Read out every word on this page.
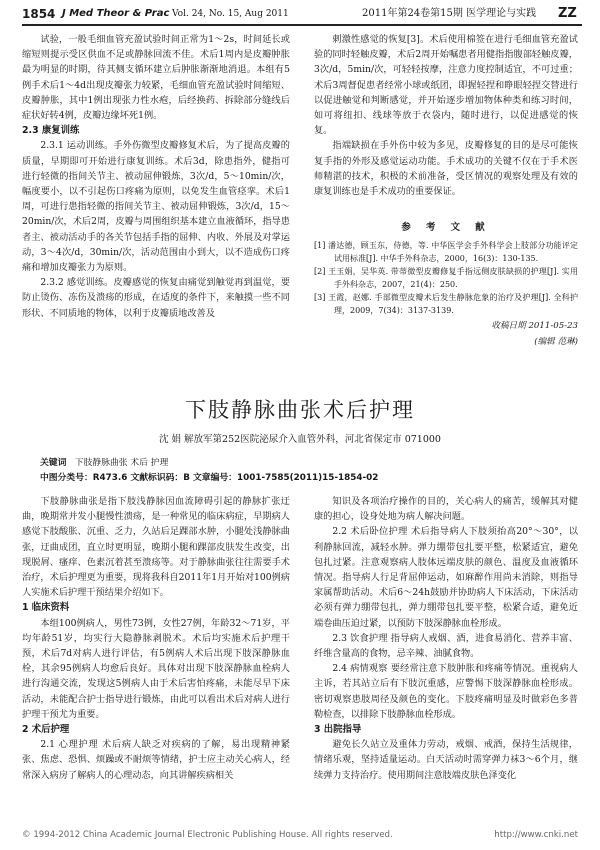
1854 J Med Theor & Prac Vol. 24, No. 15, Aug 2011	2011年第24卷第15期 医学理论与实践 ZZ

试验，一般毛细血管充盈试验时间正常为1～2s，时间延长或缩短则提示受区供血不足或静脉回流不佳。术后1周内是皮瓣肿胀最为明显的时期，待其侧支循环建立后肿胀渐渐地消退。本组有5例手术后1～4d出现皮瓣张力较紧，毛细血管充盈试验时间缩短、皮瓣肿胀，其中1例出现张力性水疱，后经换药、拆除部分缝线后症状好转4例，皮瓣边缘坏死1例。

2.3 康复训练

2.3.1 运动训练。手外伤微型皮瓣修复术后，为了提高皮瓣的质量，早期即可开始进行康复训练。术后3d，除患指外，健指可进行轻微的指间关节主、被动屈伸锻炼，3次/d，5～10min/次，幅度要小，以不引起伤口疼痛为原则，以免发生血管痉挛。术后1周，可进行患指轻微的指间关节主、被动屈伸锻炼，3次/d，15～20min/次，术后2周，皮瓣与周围组织基本建立血液循环，指导患者主、被动活动手的各关节包括手指的屈伸、内收、外展及对掌运动，3～4次/d，30min/次，活动范围由小到大，以不造成伤口疼痛和增加皮瓣张力为原则。

2.3.2 感觉训练。皮瓣感觉的恢复由痛觉到触觉再到温觉，要防止烫伤、冻伤及溃疡的形成，在适度的条件下，来触摸一些不同形状、不同质地的物体，以利于皮瓣质地改善及

剌激性感觉的恢复[3]。术后使用棉签在进行毛细血管充盈试验的同时轻触皮瓣，术后2周开始嘱患者用健指指腹部轻触皮瓣，3次/d，5min/次，可轻轻按摩，注意力度控制适宜，不可过重；术后3周督促患者经常小球或纸团，即握轻捏和睁眼轻捏交替进行以促进触觉和判断感觉，并开始逐步增加物体种类和练习时间，如可将纽扣、线球等放于衣袋内，随时进行，以促进感觉的恢复。

指端缺损在手外伤中较为多见，皮瓣修复的目的是尽可能恢复手指的外形及感觉运动功能。手术成功的关键不仅在于手术医师精湛的技术，积极的术前准备，受区情况的观察处理及有效的康复训练也是手术成功的重要保证。

参 考 文 献
[1] 潘达德，顾玉东，侍德，等. 中华医学会手外科学会上肢部分功能评定试用标准[J]. 中华手外科杂志，2000，16(3)：130-135.
[2] 王玉娟，吴华英. 带蒂微型皮瓣修复手指远侧皮肤缺损的护理[J]. 实用手外科杂志，2007，21(4)：250.
[3] 王霞，赵娜. 手部微型皮瓣术后发生静脉危象的治疗及护理[J]. 全科护理，2009，7(34)：3137-3139.
收稿日期 2011-05-23
(编辑 范琳)
下肢静脉曲张术后护理
沈 娟 解放军第252医院泌尿介入血管外科，河北省保定市 071000
关键词 下肢静脉曲张 术后 护理
中图分类号：R473.6 文献标识码：B 文章编号：1001-7585(2011)15-1854-02

下肢静脉曲张是指下肢浅静脉因血流障碍引起的静脉扩张迂曲，晚期常并发小腿慢性溃疡，是一种常见的临床病症，早期病人感觉下肢酸胀、沉重、乏力，久站后足踝部水肿，小腿处浅静脉曲张，迂曲成团，直立时更明显，晚期小腿和踝部皮肤发生改变，出现脱屑、瘙痒、色素沉着甚至溃疡等。对于静脉曲张往往需要手术治疗，术后护理更为重要，现将我科自2011年1月开始对100例病人实施术后护理干预结果介绍如下。

1 临床资料

本组100例病人，男性73例，女性27例，年龄32～71岁，平均年龄51岁，均实行大隐静脉剥脱术。术后均实施术后护理干预，术后7d对病人进行评估，有5例病人术后出现下肢深静脉血栓，其余95例病人均愈后良好。具体对出现下肢深静脉血栓病人进行沟通交流，发现这5例病人由于术后害怕疼痛，未能尽早下床活动，未能配合护士指导进行锻炼，由此可以看出术后对病人进行护理干预尤为重要。

2 术后护理

2.1 心理护理 术后病人缺乏对疾病的了解，易出现精神紧张、焦虑、恐惧、烦躁或不耐烦等情绪，护士应主动关心病人，经常深入病房了解病人的心理动态，向其讲解疾病相关

知识及各项治疗操作的目的，关心病人的痛苦，缓解其对健康的担心，设身处地为病人解决问题。

2.2 术后卧位护理 术后指导病人下肢须抬高20°～30°，以利静脉回流，减轻水肿。弹力绷带包扎要平整，松紧适宜，避免包扎过紧。注意观察病人肢体远端皮肤的颜色、温度及血液循环情况。指导病人行足背屈伸运动，如麻醉作用尚未消除，则指导家属帮助活动。术后6～24h鼓励并协助病人下床活动，下床活动必须有弹力绷带包扎，弹力绷带包扎要平整，松紧合适，避免近端卷曲压迫过紧，以预防下肢深静脉血栓形成。

2.3 饮食护理 指导病人戒烟、酒，进食易消化、营养丰富、纤维含量高的食物，忌辛辣、油腻食物。

2.4 病情观察 要经常注意下肢肿胀和疼痛等情况。重视病人主诉，若其站立后有下肢沉重感，应警惕下肢深静脉血栓形成。密切观察患肢周径及颜色的变化。下肢疼痛明显及时做彩色多普勒检查，以排除下肢静脉血栓形成。

3 出院指导

避免长久站立及重体力劳动，戒烟、戒酒，保持生活规律，情绪乐观，坚持适量运动。白天活动时需穿弹力袜3～6个月，继续弹力支持治疗。使用期间注意肢端皮肤色泽变化

© 1994-2012 China Academic Journal Electronic Publishing House. All rights reserved.	http://www.cnki.net
